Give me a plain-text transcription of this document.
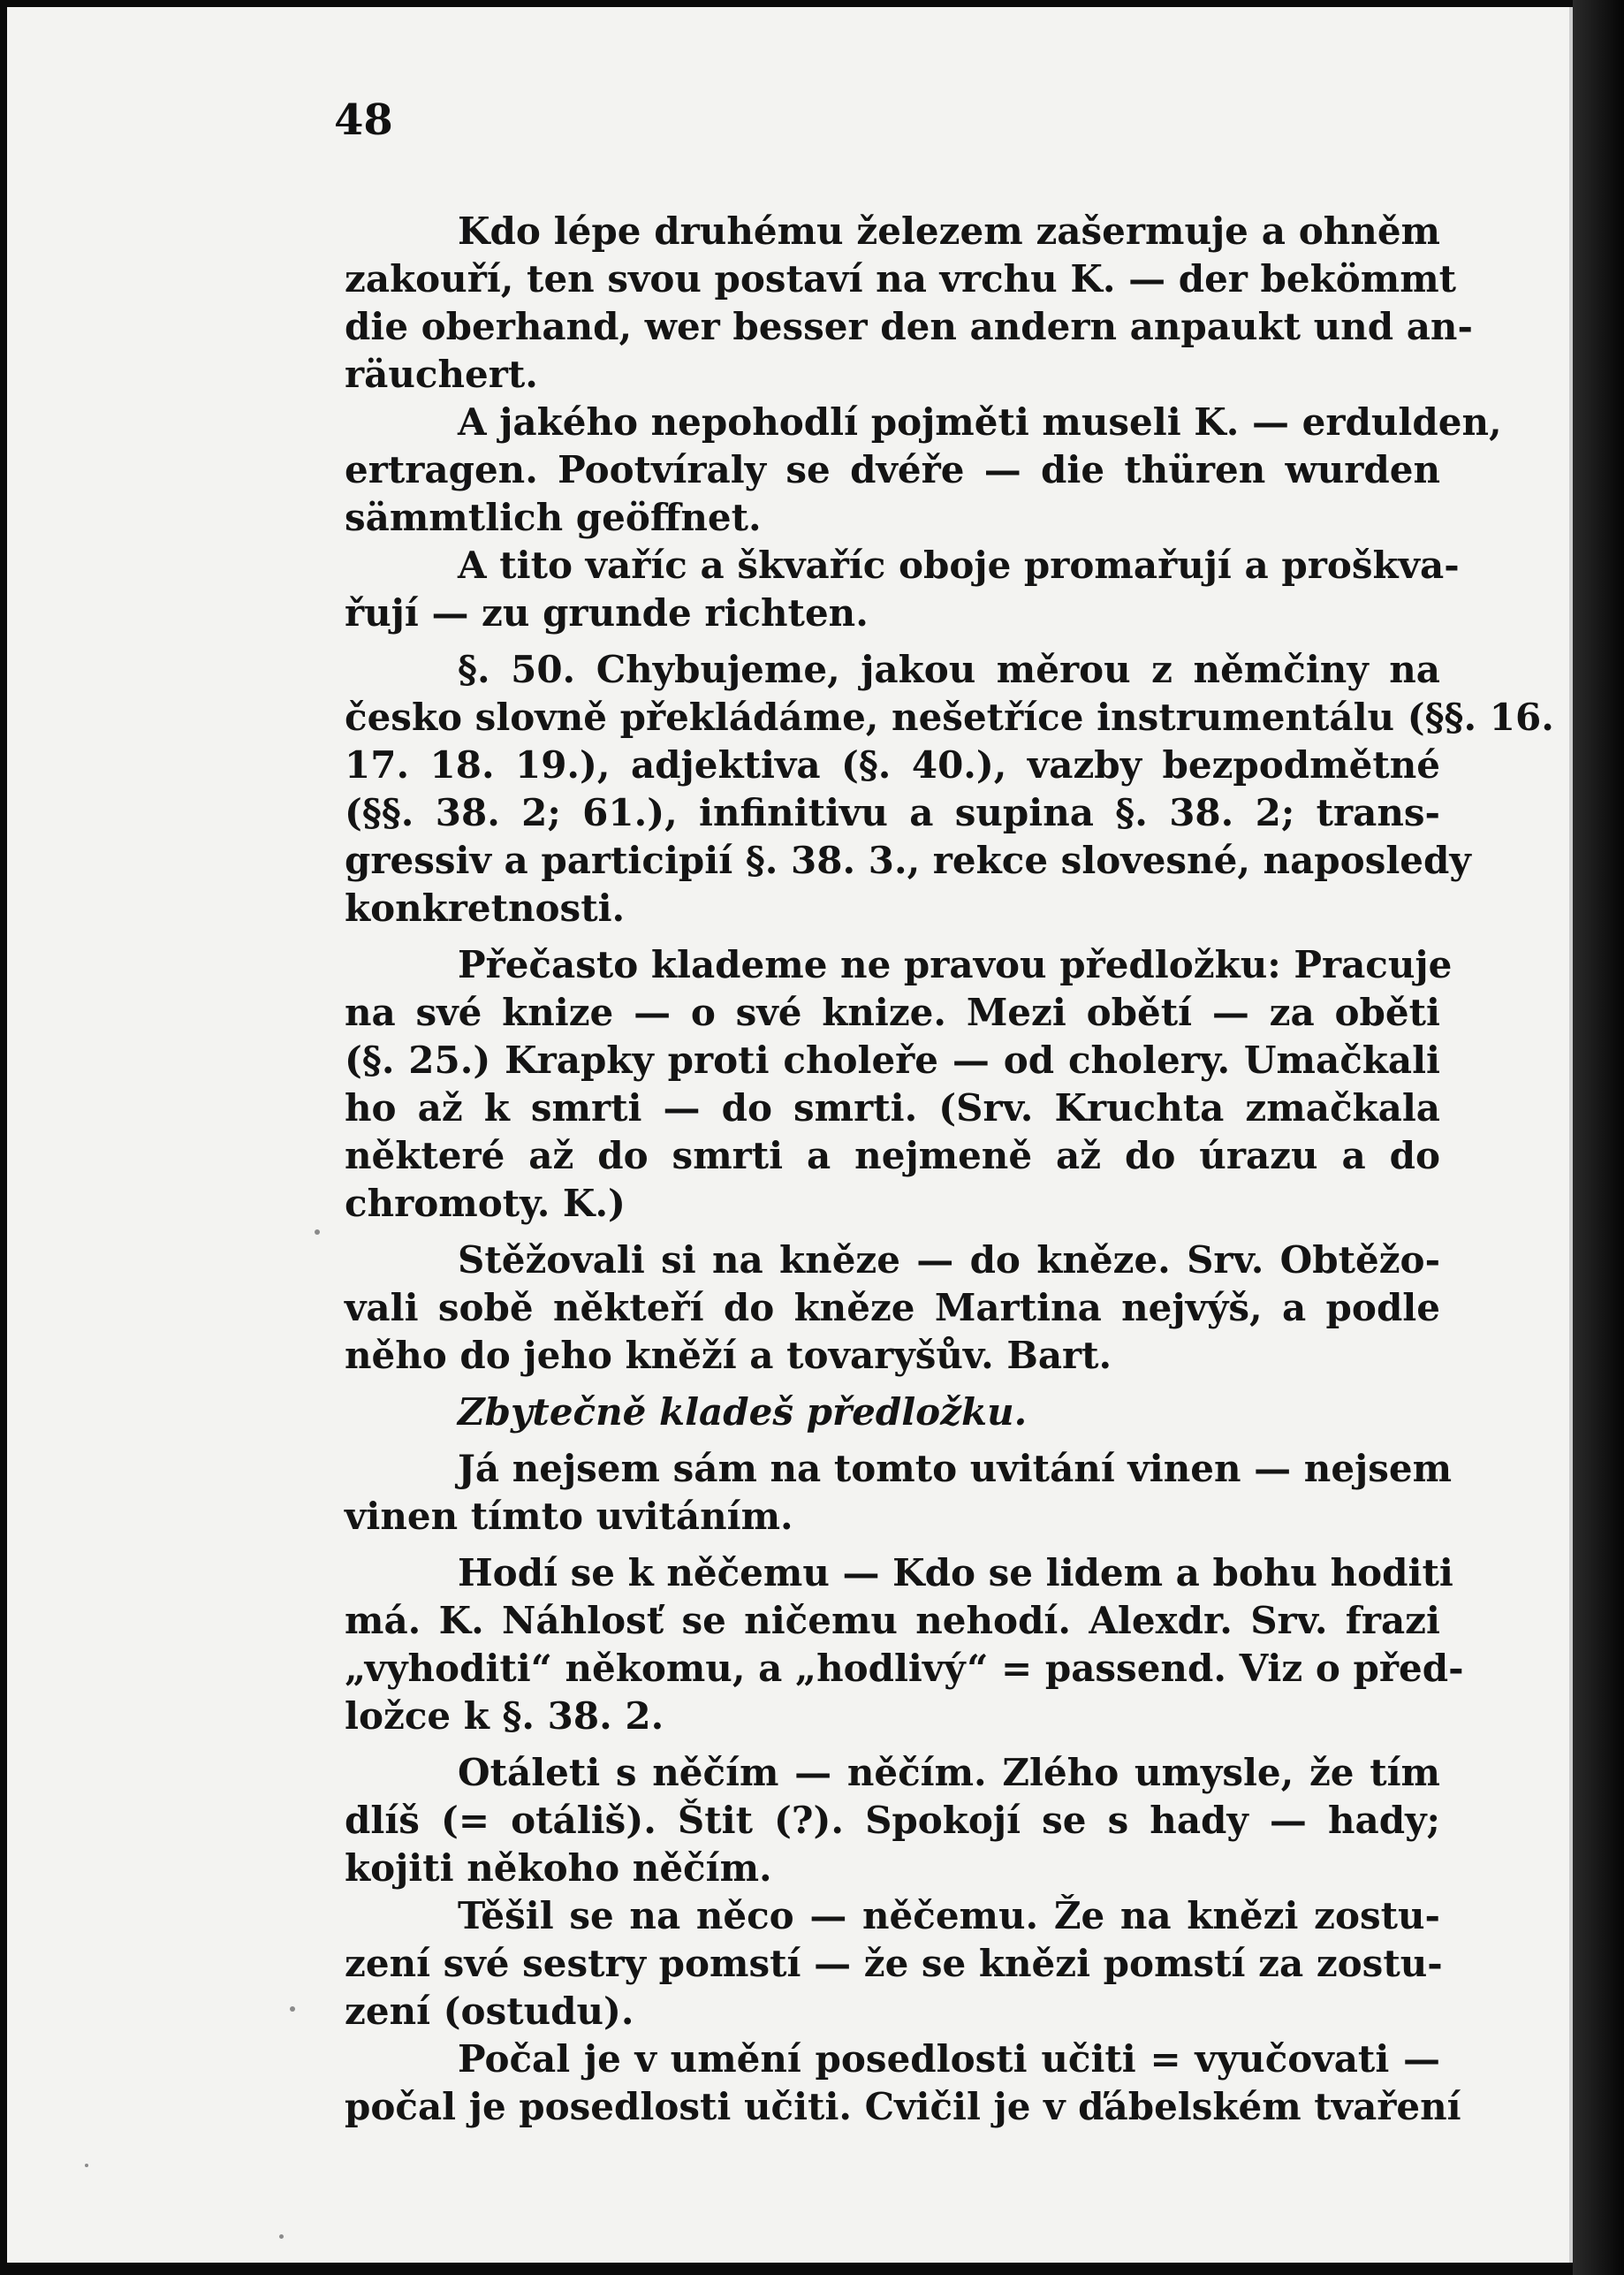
48
Kdo lépe druhému železem zašermuje a ohněm
zakouří, ten svou postaví na vrchu K. — der bekömmt
die oberhand, wer besser den andern anpaukt und an-
räuchert.
A jakého nepohodlí pojměti museli K. — erdulden,
ertragen. Pootvíraly se dvéře — die thüren wurden
sämmtlich geöffnet.
A tito vaříc a škvaříc oboje promařují a proškva-
řují — zu grunde richten.
§. 50. Chybujeme, jakou měrou z němčiny na
česko slovně překládáme, nešetříce instrumentálu (§§. 16.
17. 18. 19.), adjektiva (§. 40.), vazby bezpodmětné
(§§. 38. 2; 61.), infinitivu a supina §. 38. 2; trans-
gressiv a participií §. 38. 3., rekce slovesné, naposledy
konkretnosti.
Přečasto klademe ne pravou předložku: Pracuje
na své knize — o své knize. Mezi obětí — za oběti
(§. 25.) Krapky proti choleře — od cholery. Umačkali
ho až k smrti — do smrti. (Srv. Kruchta zmačkala
některé až do smrti a nejmeně až do úrazu a do
chromoty. K.)
Stěžovali si na kněze — do kněze. Srv. Obtěžo-
vali sobě někteří do kněze Martina nejvýš, a podle
něho do jeho kněží a tovaryšův. Bart.
Zbytečně kladeš předložku.
Já nejsem sám na tomto uvitání vinen — nejsem
vinen tímto uvitáním.
Hodí se k něčemu — Kdo se lidem a bohu hoditi
má. K. Náhlosť se ničemu nehodí. Alexdr. Srv. frazi
„vyhoditi“ někomu, a „hodlivý“ = passend. Viz o před-
ložce k §. 38. 2.
Otáleti s něčím — něčím. Zlého umysle, že tím
dlíš (= otáliš). Štit (?). Spokojí se s hady — hady;
kojiti někoho něčím.
Těšil se na něco — něčemu. Že na knězi zostu-
zení své sestry pomstí — že se knězi pomstí za zostu-
zení (ostudu).
Počal je v umění posedlosti učiti = vyučovati —
počal je posedlosti učiti. Cvičil je v ďábelském tvaření
